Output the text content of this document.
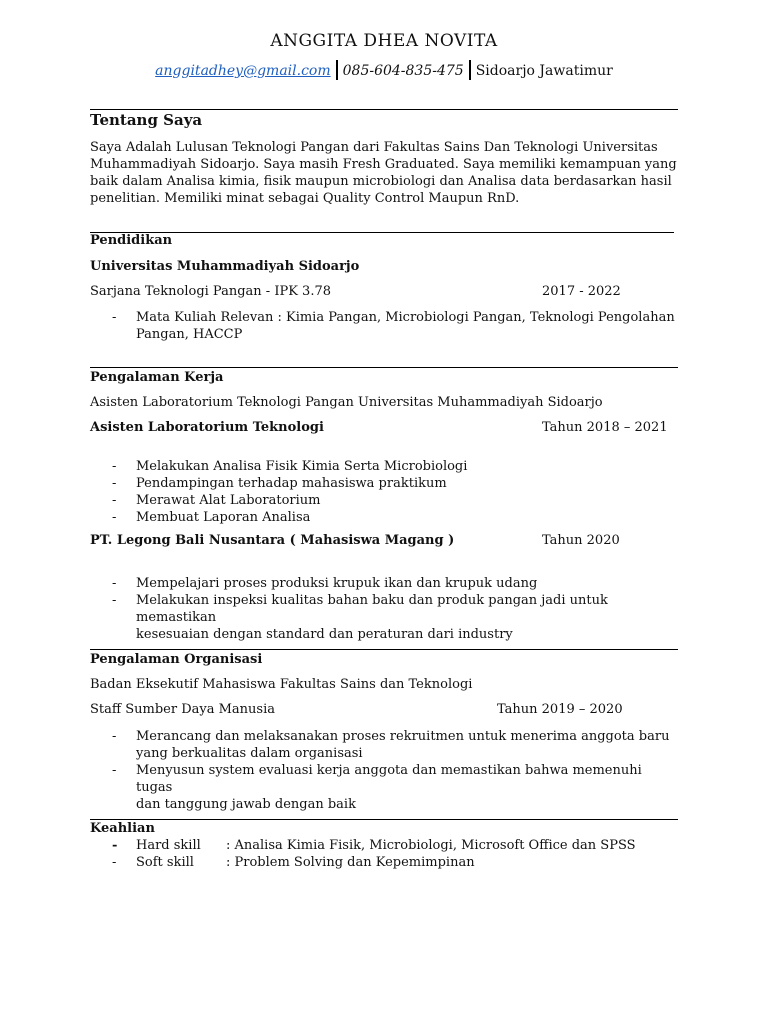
ANGGITA DHEA NOVITA
anggitadhey@gmail.com 085-604-835-475 Sidoarjo Jawatimur
Tentang Saya
Saya Adalah Lulusan Teknologi Pangan dari Fakultas Sains Dan Teknologi Universitas
Muhammadiyah Sidoarjo. Saya masih Fresh Graduated. Saya memiliki kemampuan yang
baik dalam Analisa kimia, fisik maupun microbiologi dan Analisa data berdasarkan hasil
penelitian. Memiliki minat sebagai Quality Control Maupun RnD.
Pendidikan
Universitas Muhammadiyah Sidoarjo
Sarjana Teknologi Pangan - IPK 3.78	2017 - 2022
- Mata Kuliah Relevan : Kimia Pangan, Microbiologi Pangan, Teknologi Pengolahan
Pangan, HACCP
Pengalaman Kerja
Asisten Laboratorium Teknologi Pangan Universitas Muhammadiyah Sidoarjo
Asisten Laboratorium Teknologi	Tahun 2018 – 2021
- Melakukan Analisa Fisik Kimia Serta Microbiologi
- Pendampingan terhadap mahasiswa praktikum
- Merawat Alat Laboratorium
- Membuat Laporan Analisa
PT. Legong Bali Nusantara ( Mahasiswa Magang )	Tahun 2020
- Mempelajari proses produksi krupuk ikan dan krupuk udang
- Melakukan inspeksi kualitas bahan baku dan produk pangan jadi untuk memastikan
kesesuaian dengan standard dan peraturan dari industry
Pengalaman Organisasi
Badan Eksekutif Mahasiswa Fakultas Sains dan Teknologi
Staff Sumber Daya Manusia	Tahun 2019 – 2020
- Merancang dan melaksanakan proses rekruitmen untuk menerima anggota baru
yang berkualitas dalam organisasi
- Menyusun system evaluasi kerja anggota dan memastikan bahwa memenuhi tugas
dan tanggung jawab dengan baik
Keahlian
- Hard skill : Analisa Kimia Fisik, Microbiologi, Microsoft Office dan SPSS
- Soft skill : Problem Solving dan Kepemimpinan
